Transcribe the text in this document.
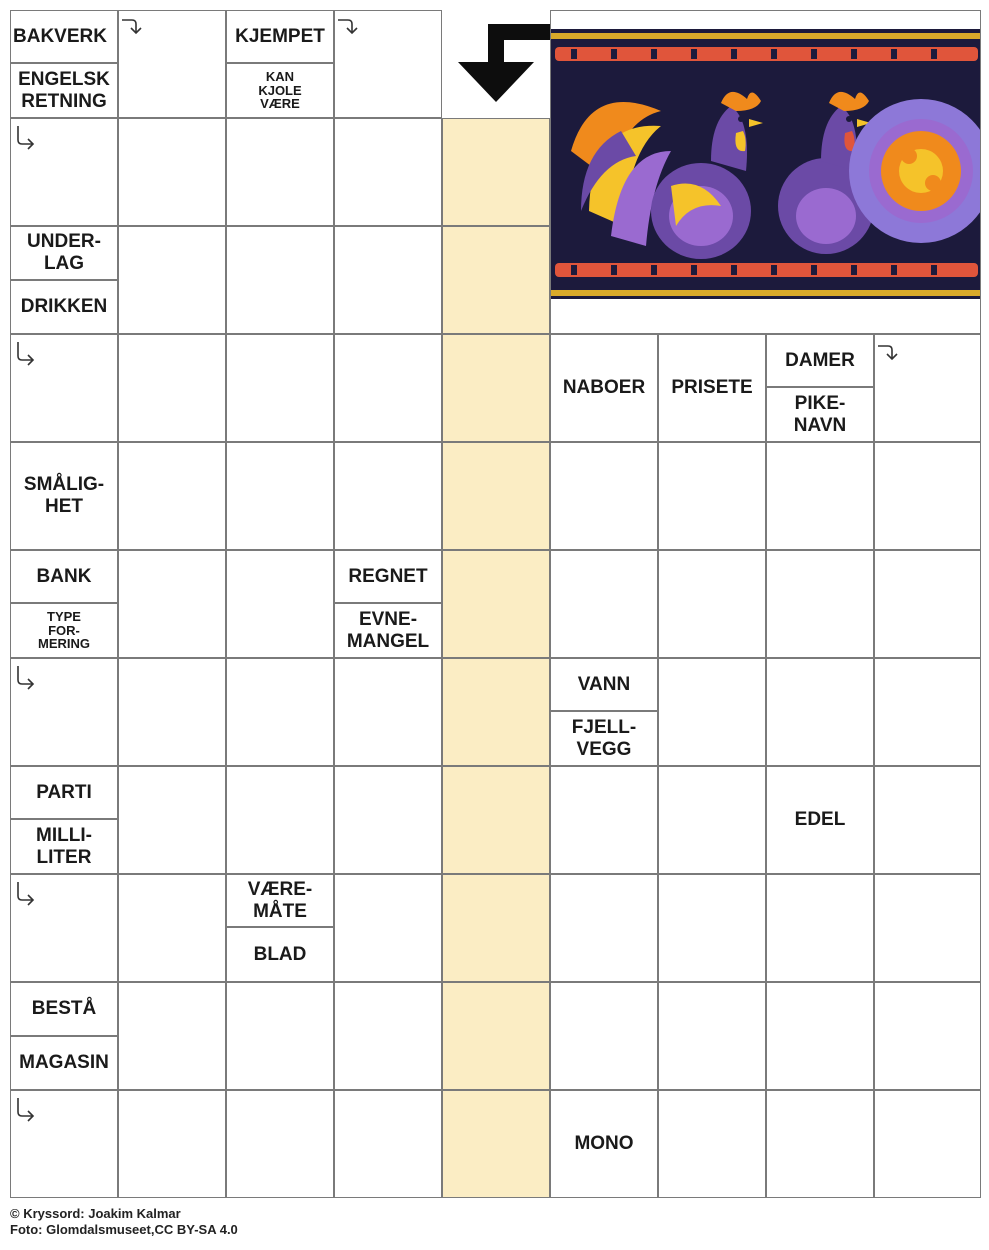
BAKVERK
ENGELSK
RETNING
KJEMPET
KAN
KJOLE
VÆRE
UNDER-
LAG
DRIKKEN
NABOER	PRISETE
DAMER
PIKE-
NAVN
SMÅLIG-
HET
BANK
TYPE
FOR-
MERING
REGNET
EVNE-
MANGEL
VANN
FJELL-
VEGG
PARTI
MILLI-
LITER
EDEL
VÆRE-
MÅTE
BLAD
BESTÅ
MAGASIN
MONO
© Kryssord: Joakim Kalmar
Foto: Glomdalsmuseet,CC BY-SA 4.0
